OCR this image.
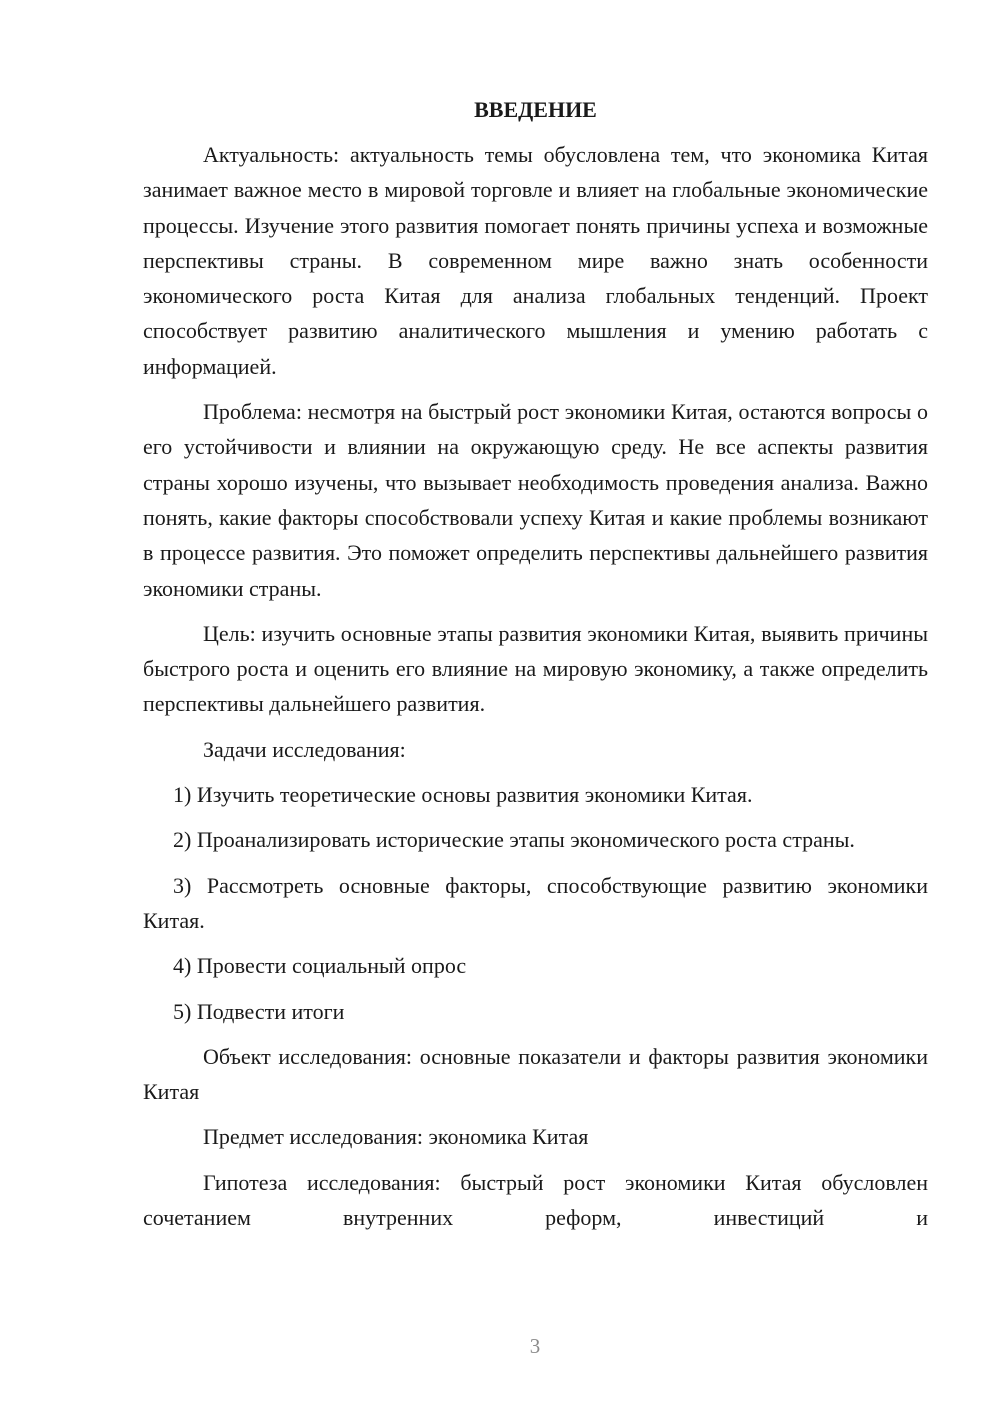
ВВЕДЕНИЕ

Актуальность: актуальность темы обусловлена тем, что экономика Китая занимает важное место в мировой торговле и влияет на глобальные экономические процессы. Изучение этого развития помогает понять причины успеха и возможные перспективы страны. В современном мире важно знать особенности экономического роста Китая для анализа глобальных тенденций. Проект способствует развитию аналитического мышления и умению работать с информацией.

Проблема: несмотря на быстрый рост экономики Китая, остаются вопросы о его устойчивости и влиянии на окружающую среду. Не все аспекты развития страны хорошо изучены, что вызывает необходимость проведения анализа. Важно понять, какие факторы способствовали успеху Китая и какие проблемы возникают в процессе развития. Это поможет определить перспективы дальнейшего развития экономики страны.

Цель: изучить основные этапы развития экономики Китая, выявить причины быстрого роста и оценить его влияние на мировую экономику, а также определить перспективы дальнейшего развития.

Задачи исследования:

1) Изучить теоретические основы развития экономики Китая.

2) Проанализировать исторические этапы экономического роста страны.

3) Рассмотреть основные факторы, способствующие развитию экономики Китая.

4) Провести социальный опрос

5) Подвести итоги

Объект исследования: основные показатели и факторы развития экономики Китая

Предмет исследования: экономика Китая

Гипотеза исследования: быстрый рост экономики Китая обусловлен сочетанием внутренних реформ, инвестиций и

3
